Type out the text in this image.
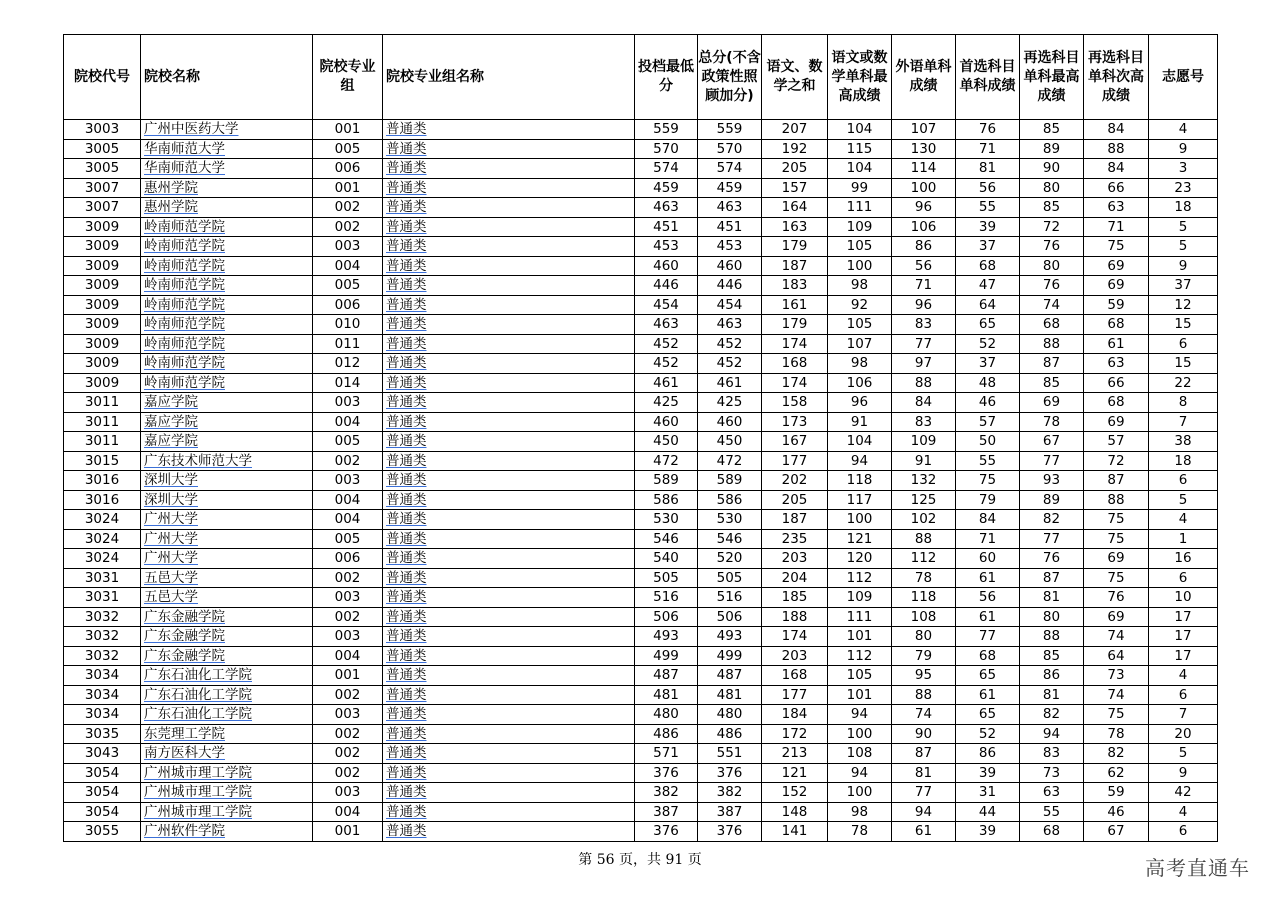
院校代号	院校名称	院校专业组	院校专业组名称	投档最低分	总分(不含政策性照顾加分)	语文、数学之和	语文或数学单科最高成绩	外语单科成绩	首选科目单科成绩	再选科目单科最高成绩	再选科目单科次高成绩	志愿号
3003	广州中医药大学	001	普通类	559	559	207	104	107	76	85	84	4
3005	华南师范大学	005	普通类	570	570	192	115	130	71	89	88	9
3005	华南师范大学	006	普通类	574	574	205	104	114	81	90	84	3
3007	惠州学院	001	普通类	459	459	157	99	100	56	80	66	23
3007	惠州学院	002	普通类	463	463	164	111	96	55	85	63	18
3009	岭南师范学院	002	普通类	451	451	163	109	106	39	72	71	5
3009	岭南师范学院	003	普通类	453	453	179	105	86	37	76	75	5
3009	岭南师范学院	004	普通类	460	460	187	100	56	68	80	69	9
3009	岭南师范学院	005	普通类	446	446	183	98	71	47	76	69	37
3009	岭南师范学院	006	普通类	454	454	161	92	96	64	74	59	12
3009	岭南师范学院	010	普通类	463	463	179	105	83	65	68	68	15
3009	岭南师范学院	011	普通类	452	452	174	107	77	52	88	61	6
3009	岭南师范学院	012	普通类	452	452	168	98	97	37	87	63	15
3009	岭南师范学院	014	普通类	461	461	174	106	88	48	85	66	22
3011	嘉应学院	003	普通类	425	425	158	96	84	46	69	68	8
3011	嘉应学院	004	普通类	460	460	173	91	83	57	78	69	7
3011	嘉应学院	005	普通类	450	450	167	104	109	50	67	57	38
3015	广东技术师范大学	002	普通类	472	472	177	94	91	55	77	72	18
3016	深圳大学	003	普通类	589	589	202	118	132	75	93	87	6
3016	深圳大学	004	普通类	586	586	205	117	125	79	89	88	5
3024	广州大学	004	普通类	530	530	187	100	102	84	82	75	4
3024	广州大学	005	普通类	546	546	235	121	88	71	77	75	1
3024	广州大学	006	普通类	540	520	203	120	112	60	76	69	16
3031	五邑大学	002	普通类	505	505	204	112	78	61	87	75	6
3031	五邑大学	003	普通类	516	516	185	109	118	56	81	76	10
3032	广东金融学院	002	普通类	506	506	188	111	108	61	80	69	17
3032	广东金融学院	003	普通类	493	493	174	101	80	77	88	74	17
3032	广东金融学院	004	普通类	499	499	203	112	79	68	85	64	17
3034	广东石油化工学院	001	普通类	487	487	168	105	95	65	86	73	4
3034	广东石油化工学院	002	普通类	481	481	177	101	88	61	81	74	6
3034	广东石油化工学院	003	普通类	480	480	184	94	74	65	82	75	7
3035	东莞理工学院	002	普通类	486	486	172	100	90	52	94	78	20
3043	南方医科大学	002	普通类	571	551	213	108	87	86	83	82	5
3054	广州城市理工学院	002	普通类	376	376	121	94	81	39	73	62	9
3054	广州城市理工学院	003	普通类	382	382	152	100	77	31	63	59	42
3054	广州城市理工学院	004	普通类	387	387	148	98	94	44	55	46	4
3055	广州软件学院	001	普通类	376	376	141	78	61	39	68	67	6
第 56 页，共 91 页	高考直通车
